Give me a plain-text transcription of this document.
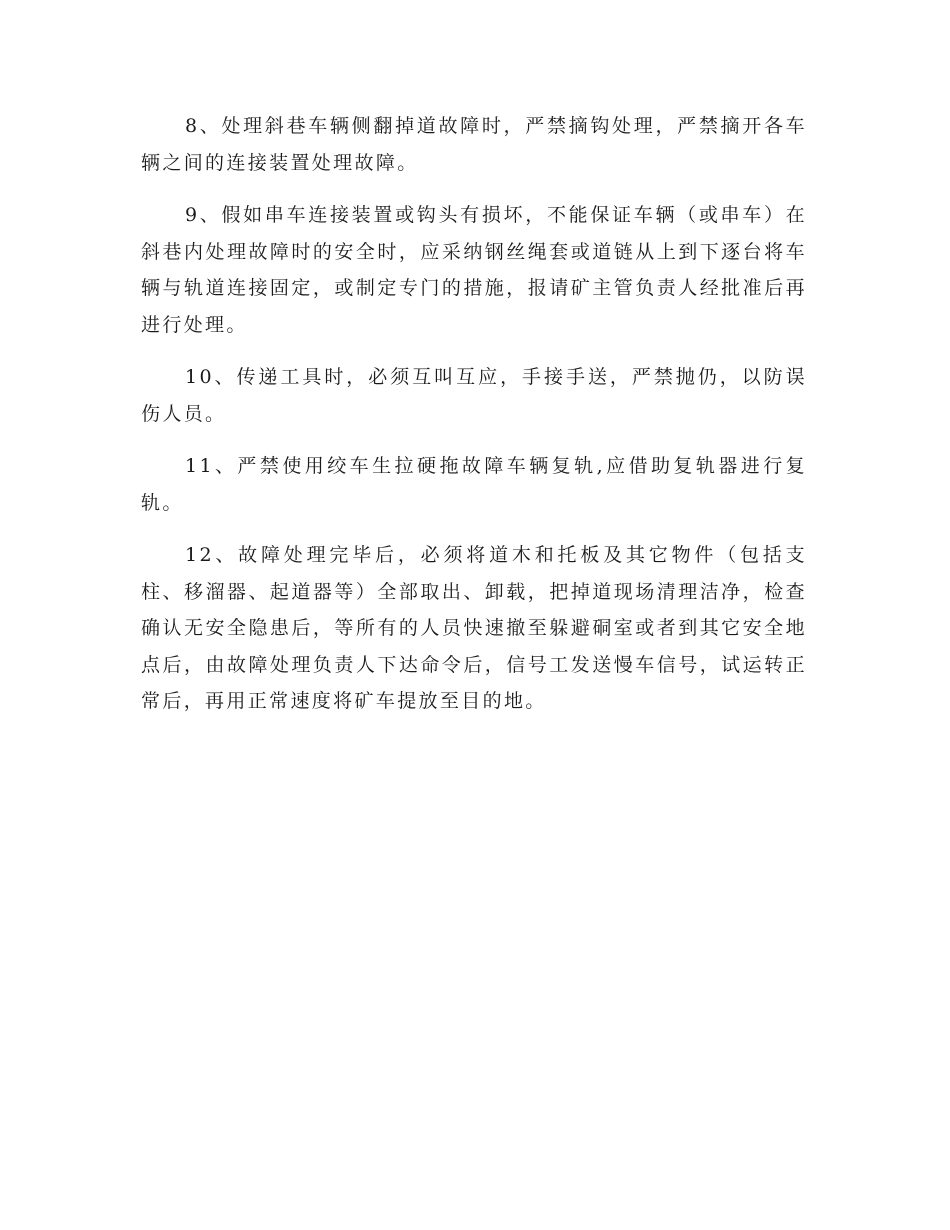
8、处理斜巷车辆侧翻掉道故障时，严禁摘钩处理，严禁摘开各车辆之间的连接装置处理故障。

9、假如串车连接装置或钩头有损坏，不能保证车辆（或串车）在斜巷内处理故障时的安全时，应采纳钢丝绳套或道链从上到下逐台将车辆与轨道连接固定，或制定专门的措施，报请矿主管负责人经批准后再进行处理。

10、传递工具时，必须互叫互应，手接手送，严禁抛仍，以防误伤人员。

11、严禁使用绞车生拉硬拖故障车辆复轨,应借助复轨器进行复轨。

12、故障处理完毕后，必须将道木和托板及其它物件（包括支柱、移溜器、起道器等）全部取出、卸载，把掉道现场清理洁净，检查确认无安全隐患后，等所有的人员快速撤至躲避硐室或者到其它安全地点后，由故障处理负责人下达命令后，信号工发送慢车信号，试运转正常后，再用正常速度将矿车提放至目的地。
